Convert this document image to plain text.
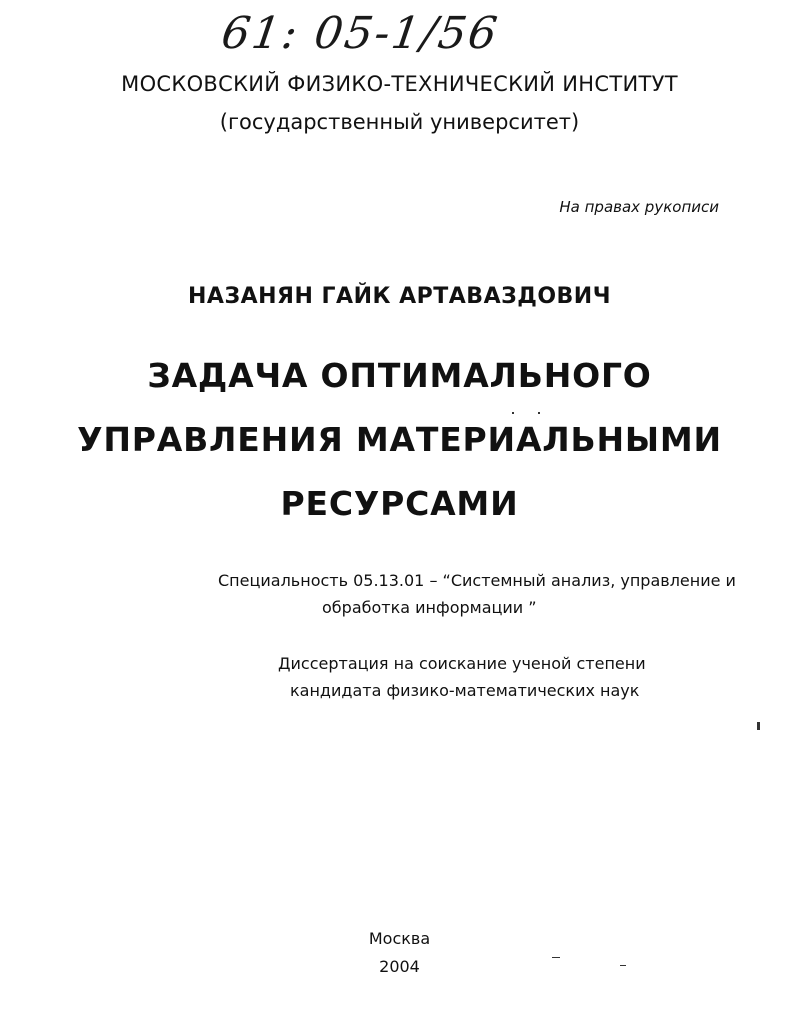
61: 05-1/56
МОСКОВСКИЙ ФИЗИКО-ТЕХНИЧЕСКИЙ ИНСТИТУТ
(государственный университет)
На правах рукописи
НАЗАНЯН ГАЙК АРТАВАЗДОВИЧ
ЗАДАЧА ОПТИМАЛЬНОГО
УПРАВЛЕНИЯ МАТЕРИАЛЬНЫМИ
РЕСУРСАМИ
Специальность 05.13.01 – “Системный анализ, управление и
обработка информации ”
Диссертация на соискание ученой степени
кандидата физико-математических наук
Москва
2004
